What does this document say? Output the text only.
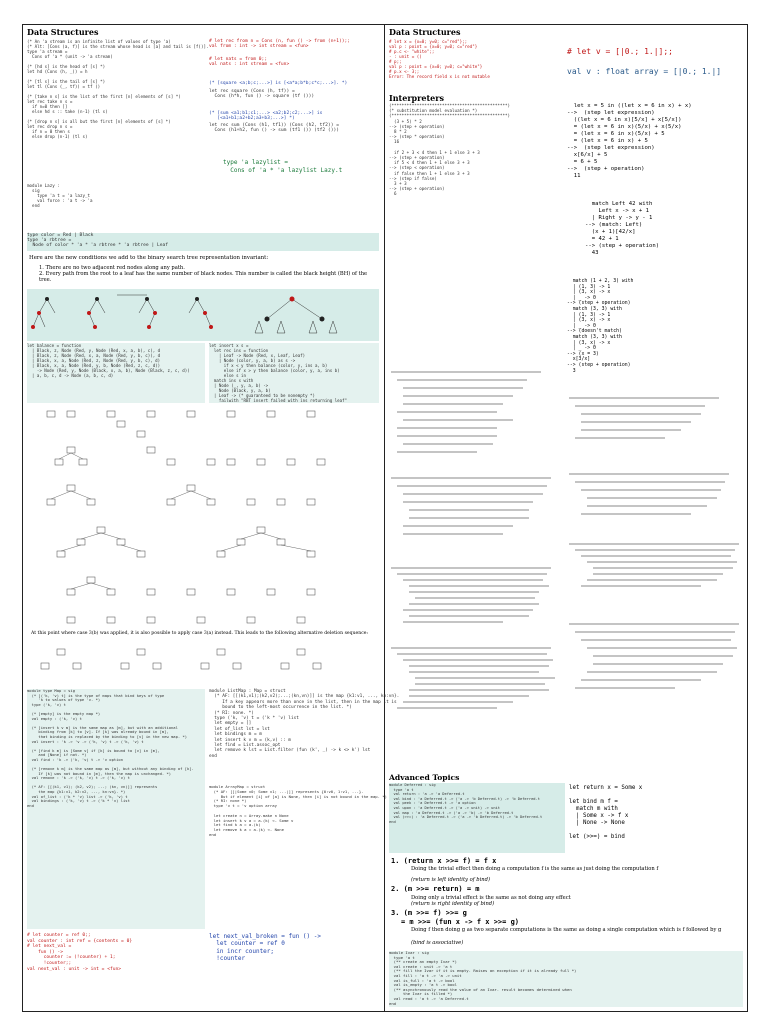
Data Structures
(* An 'a stream is an infinite list of values of type 'a)
(* Alt: [Cons (a, f)] is the stream whose head is [a] and tail is [f()].
type 'a stream =
Cons of 'a * (unit -> 'a stream)

(* [hd s] is the head of [s] *)
let hd (Cons (h, _)) = h

(* [tl s] is the tail of [s] *)
let tl (Cons (_, tf)) = tf ()

(* [take n s] is the list of the first [n] elements of [s] *)
let rec take n s =
if n=0 then []
else hd s :: take (n-1) (tl s)

(* [drop n s] is all but the first [n] elements of [s] *)
let rec drop n s =
if n = 0 then s
else drop (n-1) (tl s)
module Lazy :
sig
type 'a t = 'a lazy_t
val force : 'a t -> 'a
end
# let rec from n = Cons (n, fun () -> from (n+1));;
val from : int -> int stream = <fun>
# let nats = from 0;;
val nats : int stream = <fun>
(* [square <a;b;c;...>] is [<a*a;b*b;c*c;...>]. *)
let rec square (Cons (h, tf)) =
Cons (h*h, fun () -> square (tf ()))
(* [sum <a1;b1;c1;...> <a2;b2;c2;...>] is
[<a1+b1;a2+b2;a3+b3;...>] *)
let rec sum (Cons (h1, tf1)) (Cons (h2, tf2)) =
Cons (h1+h2, fun () -> sum (tf1 ()) (tf2 ()))
type 'a lazylist =
Cons of 'a * 'a lazylist Lazy.t
type color = Red | Black
type 'a rbtree =
Node of color * 'a * 'a rbtree * 'a rbtree | Leaf
Here are the new conditions we add to the binary search tree representation invariant:
1. There are no two adjacent red nodes along any path.
2. Every path from the root to a leaf has the same number of black nodes. This number is called the black height (BH) of the tree.
let balance = function
| Black, z, Node (Red, y, Node (Red, x, a, b), c), d
| Black, z, Node (Red, x, a, Node (Red, y, b, c)), d
| Black, x, a, Node (Red, z, Node (Red, y, b, c), d)
| Black, x, a, Node (Red, y, b, Node (Red, z, c, d))
-> Node (Red, y, Node (Black, x, a, b), Node (Black, z, c, d))
| a, b, c, d -> Node (a, b, c, d)
let insert x s =
let rec ins = function
| Leaf -> Node (Red, x, Leaf, Leaf)
| Node (color, y, a, b) as s ->
if x < y then balance (color, y, ins a, b)
else if x > y then balance (color, y, a, ins b)
else s in
match ins s with
| Node (_, y, a, b) ->
Node (Black, y, a, b)
| Leaf -> (* guaranteed to be nonempty *)
failwith "RBT insert failed with ins returning leaf"
At this point where case 3(b) was applied, it is also possible to apply case 3(a) instead. This leads to the following alternative deletion sequence:
module type Map = sig
(* [('k, 'v) t] is the type of maps that bind keys of type
'k to values of type 'v. *)
type ('k, 'v) t

(* [empty] is the empty map *)
val empty : ('k, 'v) t

(* [insert k v m] is the same map as [m], but with an additional
binding from [k] to [v]. If [k] was already bound in [m],
that binding is replaced by the binding to [v] in the new map. *)
val insert : 'k -> 'v -> ('k, 'v) t -> ('k, 'v) t

(* [find k m] is [Some v] if [k] is bound to [v] in [m],
and [None] if not. *)
val find : 'k -> ('k, 'v) t -> 'v option

(* [remove k m] is the same map as [m], but without any binding of [k].
If [k] was not bound in [m], then the map is unchanged. *)
val remove : 'k -> ('k, 'v) t -> ('k, 'v) t

(* AF: [[(k1, v1); (k2, v2); ...; (kn, vn)]] represents
the map {k1:v1, k2:v2, ..., kn:vn}. *)
val of_list : ('k * 'v) list -> ('k, 'v) t
val bindings : ('k, 'v) t -> ('k * 'v) list
end
module ListMap : Map = struct
(* AF: [[(k1,v1);(k2,v2);...;(kn,vn)]] is the map {k1:v1, ..., kn:vn}.
If a key appears more than once in the list, then in the map it is
bound to the left-most occurrence in the list. *)
(* RI: none. *)
type ('k, 'v) t = ('k * 'v) list
let empty = []
let of_list lst = lst
let bindings m = m
let insert k v m = (k,v) :: m
let find = List.assoc_opt
let remove k lst = List.filter (fun (k', _) -> k <> k') lst
end
module ArrayMap = struct
(* AF: [[|Some v0; Some v1; ...|]] represents {0:v0, 1:v1, ...}.
But if element [i] of [a] is None, then [i] is not bound in the map. *)
(* RI: none *)
type 'v t = 'v option array

let create n = Array.make n None
let insert k v a = a.(k) <- Some v
let find k a = a.(k)
let remove k a = a.(k) <- None
end
# let counter = ref 0;;
val counter : int ref = {contents = 0}
# let next_val =
fun () ->
counter := (!counter) + 1;
!counter;;
val next_val : unit -> int = <fun>
let next_val_broken = fun () ->
let counter = ref 0
in incr counter;
!counter
Data Structures
# let x = {x=0; y=0; c="red"};;
val p : point = {x=0; y=0; c="red"}
# p.c <- "white";;
- : unit = ()
# p;;
val p : point = {x=0; y=0; c="white"}
# p.x <- 3;;
Error: The record field x is not mutable
# let v = [|0.; 1.|];;
val v : float array = [|0.; 1.|]
Interpreters
(**********************************************)
(* substitution model evaluation *)
(**********************************************)
(3 + 5) * 2
--> (step + operation)
8 * 2
--> (step * operation)
16

if 2 + 3 < 4 then 1 + 1 else 3 + 3
--> (step + operation)
if 5 < 4 then 1 + 1 else 3 + 3
--> (step < operation)
if false then 1 + 1 else 3 + 3
--> (step if false)
3 + 3
--> (step + operation)
6
let x = 5 in ((let x = 6 in x) + x)
-->  (step let expression)
((let x = 6 in x)[5/x] + x[5/x])
= (let x = 6 in x)(5/x) + x(5/x)
= (let x = 6 in x)(5/x) + 5
= (let x = 6 in x) + 5
-->  (step let expression)
x[6/x] + 5
= 6 + 5
-->  (step + operation)
11
match Left 42 with
Left x -> x + 1
| Right y -> y - 1
--> (match: Left)
(x + 1)[42/x]
= 42 + 1
--> (step + operation)
43
match (1 + 2, 3) with
| (1, 3) -> 1
| (3, x) -> x
| _ -> 0
--> (step + operation)
match (3, 3) with
| (1, 3) -> 1
| (3, x) -> x
| _ -> 0
--> (doesn't match)
match (3, 3) with
| (3, x) -> x
| _ -> 0
--> (x = 3)
x[3/x]
--> (step + operation)
3
Advanced Topics
module Deferred : sig
type 'a t
val return : 'a -> 'a Deferred.t
val bind : 'a Deferred.t -> ('a -> 'b Deferred.t) -> 'b Deferred.t
val peek : 'a Deferred.t -> 'a option
val upon : 'a Deferred.t -> ('a -> unit) -> unit
val map : 'a Deferred.t -> ('a -> 'b) -> 'b Deferred.t
val (>>=) : 'a Deferred.t -> ('a -> 'b Deferred.t) -> 'b Deferred.t
end
let return x = Some x

let bind m f =
match m with
| Some x -> f x
| None -> None

let (>>=) = bind
1. (return x >>= f) = f x
Doing the trivial effect then doing a computation f is the same as just doing the computation f
(return is left identity of bind)
2. (m >>= return) = m
Doing only a trivial effect is the same as not doing any effect
(return is right identity of bind)
3. (m >>= f) >>= g
= m >>= (fun x -> f x >>= g)
Doing f then doing g as two separate computations is the same as doing a single computation which is f followed by g
(bind is associative)
module Ivar : sig
type 'a t
(** create an empty Ivar *)
val create : unit -> 'a t
(** fill the Ivar if it is empty. Raises an exception if it is already full *)
val fill : 'a t -> 'a -> unit
val is_full : 'a t -> bool
val is_empty : 'a t -> bool
(** asynchronously read the value of an Ivar. result becomes determined when
the Ivar is filled *)
val read : 'a t -> 'a Deferred.t
end
